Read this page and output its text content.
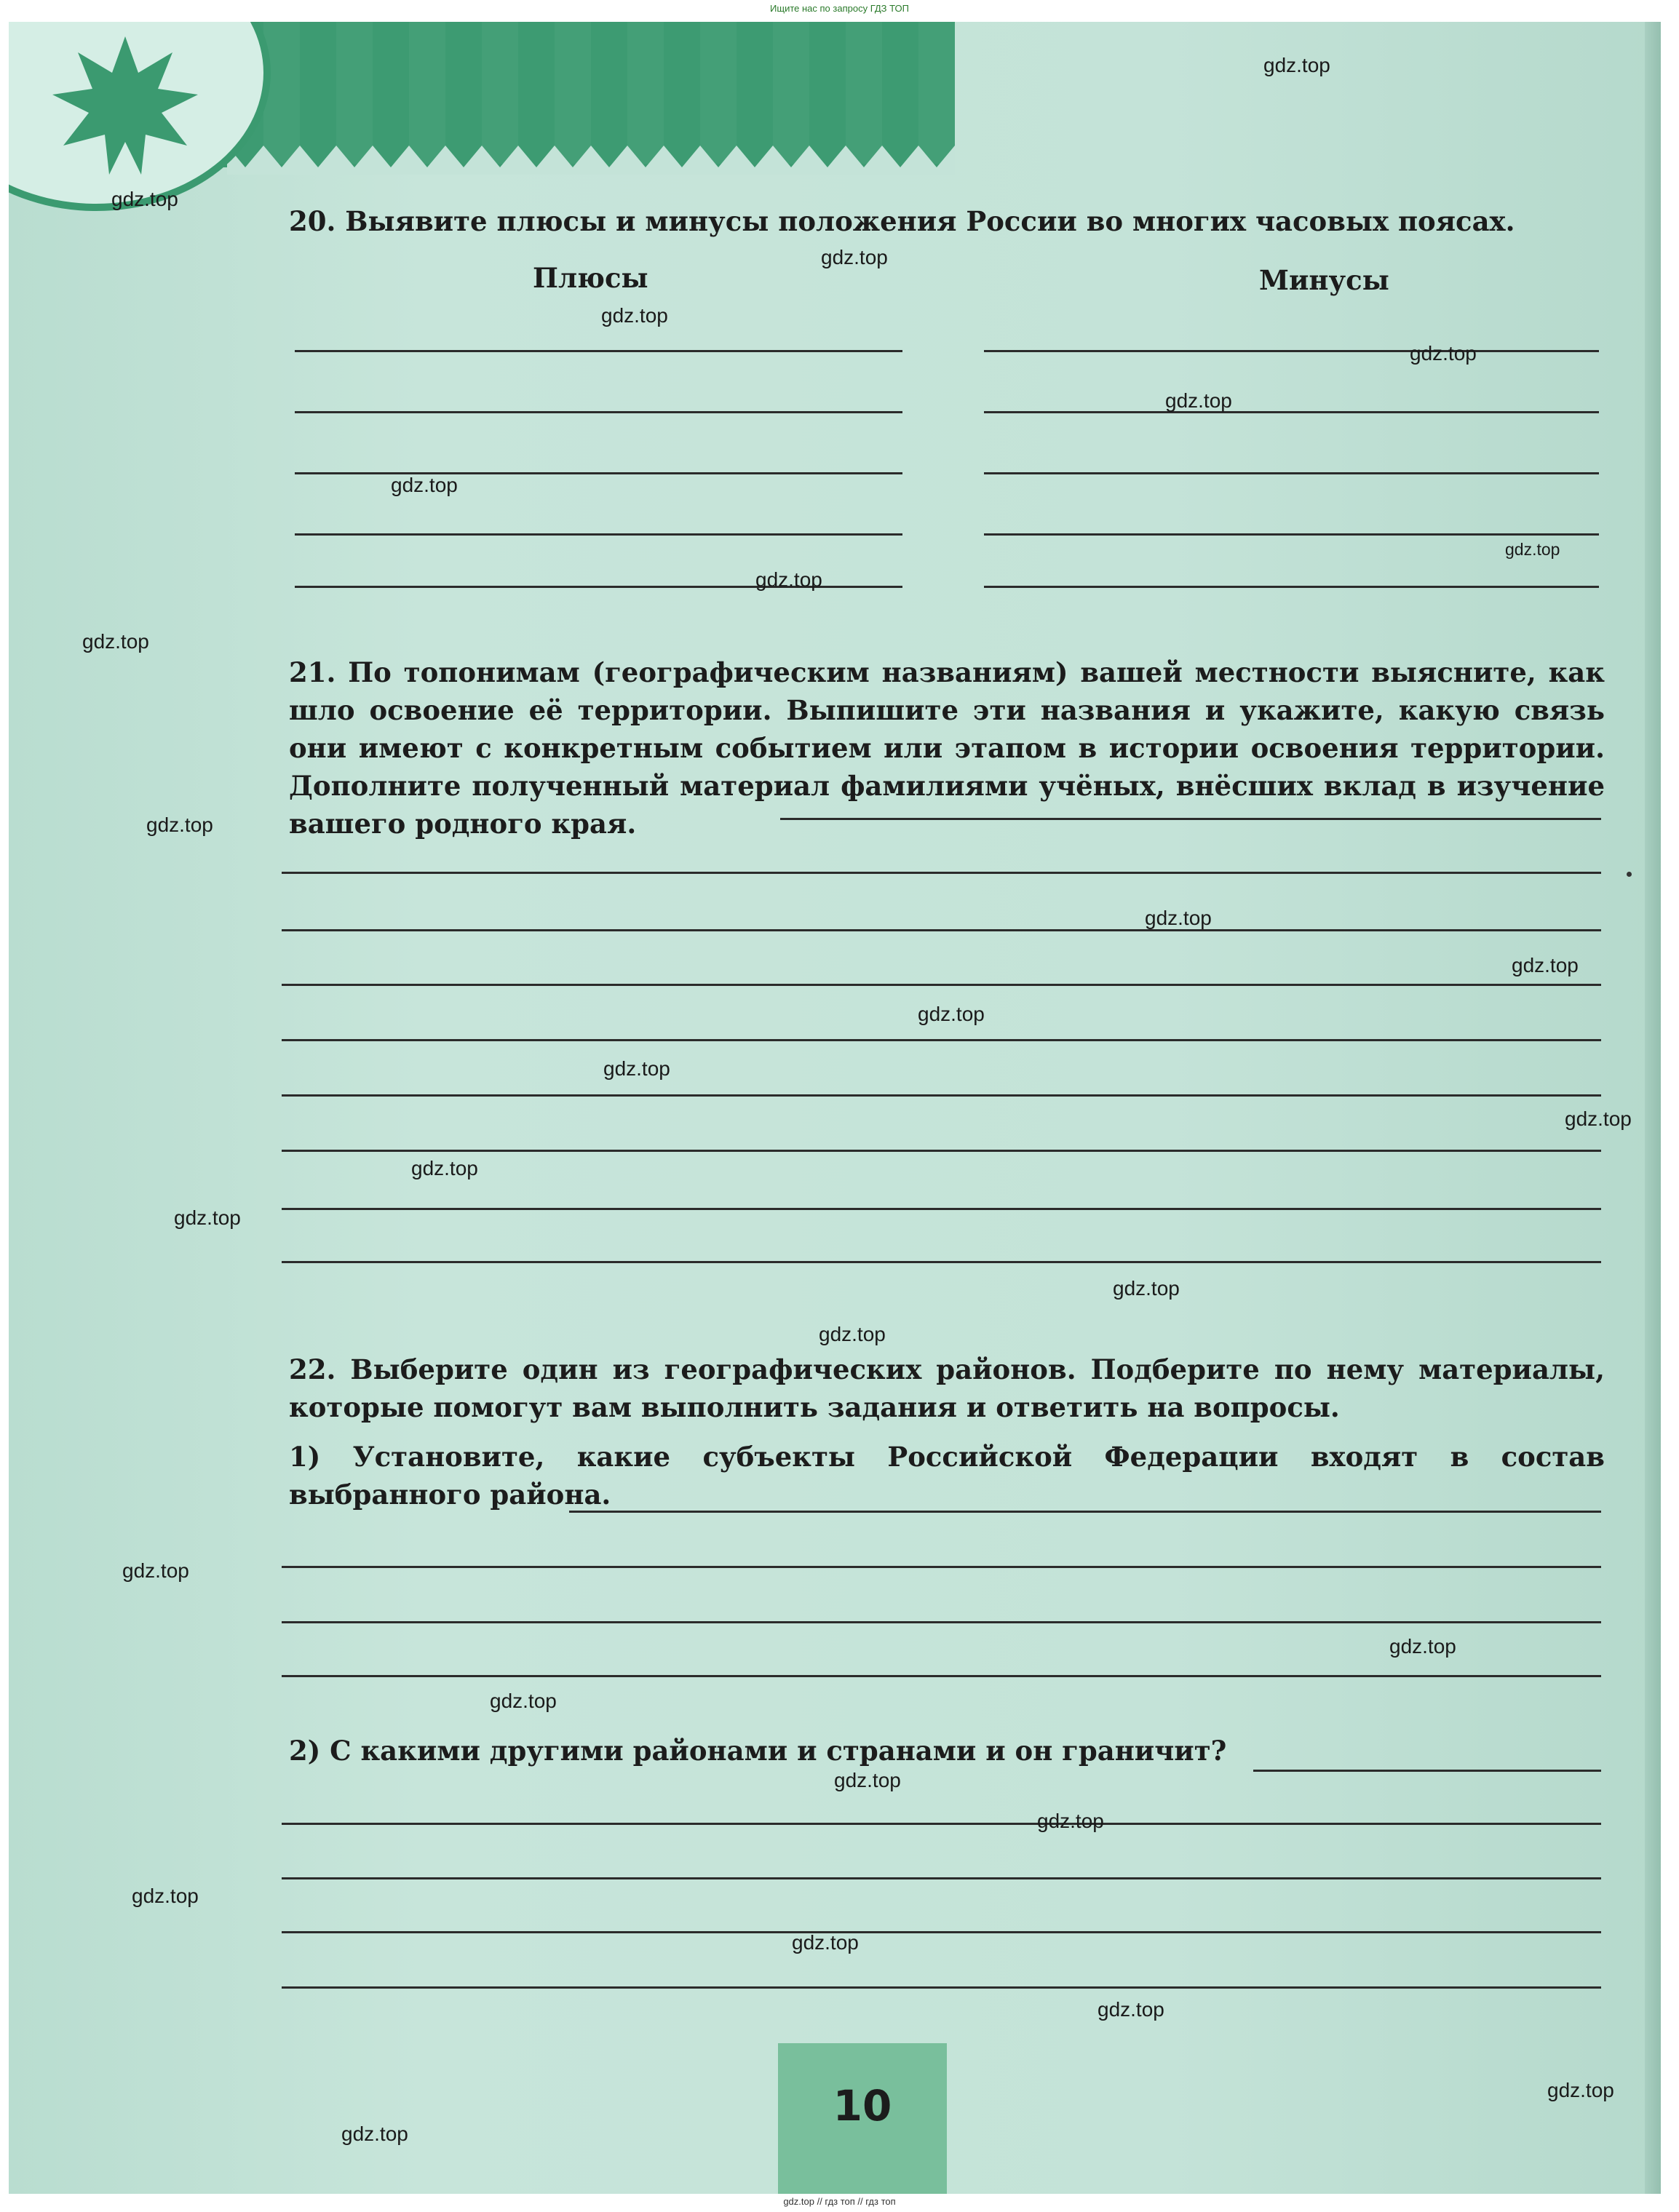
Ищите нас по запросу ГДЗ ТОП
20. Выявите плюсы и минусы положения России во многих часовых поясах.
Плюсы	Минусы
21. По топонимам (географическим названиям) вашей местности выясните, как шло освоение её территории. Выпишите эти названия и укажите, какую связь они имеют с конкретным событием или этапом в истории освоения территории. Дополните полученный материал фамилиями учёных, внёсших вклад в изучение вашего родного края.
22. Выберите один из географических районов. Подберите по нему материалы, которые помогут вам выполнить задания и ответить на вопросы.
1) Установите, какие субъекты Российской Федерации входят в состав выбранного района.
2) С какими другими районами и странами и он граничит?
10
gdz.top
gdz.top
gdz.top
gdz.top
gdz.top
gdz.top
gdz.top
gdz.top
gdz.top
gdz.top
gdz.top
gdz.top
gdz.top
gdz.top
gdz.top
gdz.top
gdz.top
gdz.top
gdz.top
gdz.top
gdz.top
gdz.top
gdz.top
gdz.top
gdz.top
gdz.top
gdz.top
gdz.top
gdz.top
gdz.top
gdz.top // гдз топ // гдз топ
